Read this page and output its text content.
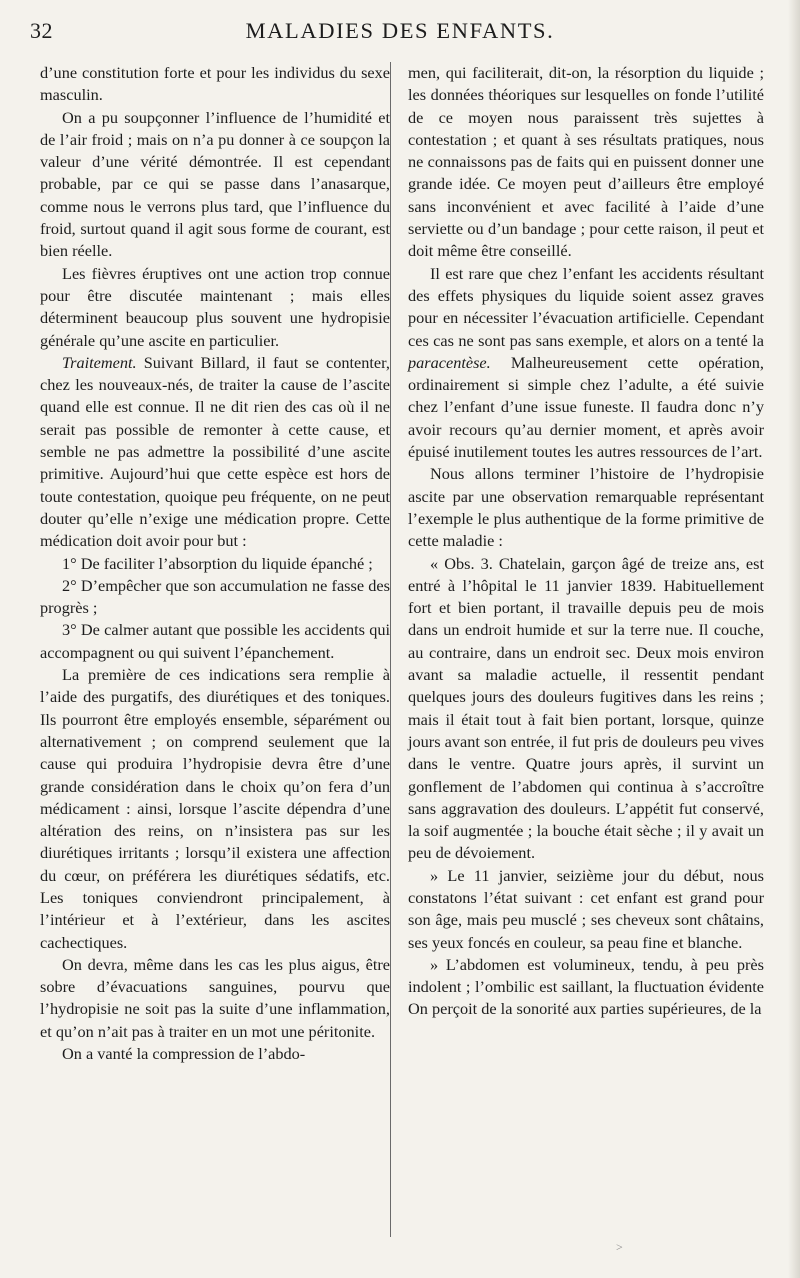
32	MALADIES DES ENFANTS.

d’une constitution forte et pour les individus du sexe masculin.

On a pu soupçonner l’influence de l’humidité et de l’air froid ; mais on n’a pu donner à ce soupçon la valeur d’une vérité démontrée. Il est cependant probable, par ce qui se passe dans l’anasarque, comme nous le verrons plus tard, que l’influence du froid, surtout quand il agit sous forme de courant, est bien réelle.

Les fièvres éruptives ont une action trop connue pour être discutée maintenant ; mais elles déterminent beaucoup plus souvent une hydropisie générale qu’une ascite en particulier.

Traitement. Suivant Billard, il faut se contenter, chez les nouveaux-nés, de traiter la cause de l’ascite quand elle est connue. Il ne dit rien des cas où il ne serait pas possible de remonter à cette cause, et semble ne pas admettre la possibilité d’une ascite primitive. Aujourd’hui que cette espèce est hors de toute contestation, quoique peu fréquente, on ne peut douter qu’elle n’exige une médication propre. Cette médication doit avoir pour but :

1° De faciliter l’absorption du liquide épanché ;

2° D’empêcher que son accumulation ne fasse des progrès ;

3° De calmer autant que possible les accidents qui accompagnent ou qui suivent l’épanchement.

La première de ces indications sera remplie à l’aide des purgatifs, des diurétiques et des toniques. Ils pourront être employés ensemble, séparément ou alternativement ; on comprend seulement que la cause qui produira l’hydropisie devra être d’une grande considération dans le choix qu’on fera d’un médicament : ainsi, lorsque l’ascite dépendra d’une altération des reins, on n’insistera pas sur les diurétiques irritants ; lorsqu’il existera une affection du cœur, on préférera les diurétiques sédatifs, etc. Les toniques conviendront principalement, à l’intérieur et à l’extérieur, dans les ascites cachectiques.

On devra, même dans les cas les plus aigus, être sobre d’évacuations sanguines, pourvu que l’hydropisie ne soit pas la suite d’une inflammation, et qu’on n’ait pas à traiter en un mot une péritonite.

On a vanté la compression de l’abdo-

men, qui faciliterait, dit-on, la résorption du liquide ; les données théoriques sur lesquelles on fonde l’utilité de ce moyen nous paraissent très sujettes à contestation ; et quant à ses résultats pratiques, nous ne connaissons pas de faits qui en puissent donner une grande idée. Ce moyen peut d’ailleurs être employé sans inconvénient et avec facilité à l’aide d’une serviette ou d’un bandage ; pour cette raison, il peut et doit même être conseillé.

Il est rare que chez l’enfant les accidents résultant des effets physiques du liquide soient assez graves pour en nécessiter l’évacuation artificielle. Cependant ces cas ne sont pas sans exemple, et alors on a tenté la paracentèse. Malheureusement cette opération, ordinairement si simple chez l’adulte, a été suivie chez l’enfant d’une issue funeste. Il faudra donc n’y avoir recours qu’au dernier moment, et après avoir épuisé inutilement toutes les autres ressources de l’art.

Nous allons terminer l’histoire de l’hydropisie ascite par une observation remarquable représentant l’exemple le plus authentique de la forme primitive de cette maladie :

« Obs. 3. Chatelain, garçon âgé de treize ans, est entré à l’hôpital le 11 janvier 1839. Habituellement fort et bien portant, il travaille depuis peu de mois dans un endroit humide et sur la terre nue. Il couche, au contraire, dans un endroit sec. Deux mois environ avant sa maladie actuelle, il ressentit pendant quelques jours des douleurs fugitives dans les reins ; mais il était tout à fait bien portant, lorsque, quinze jours avant son entrée, il fut pris de douleurs peu vives dans le ventre. Quatre jours après, il survint un gonflement de l’abdomen qui continua à s’accroître sans aggravation des douleurs. L’appétit fut conservé, la soif augmentée ; la bouche était sèche ; il y avait un peu de dévoiement.

» Le 11 janvier, seizième jour du début, nous constatons l’état suivant : cet enfant est grand pour son âge, mais peu musclé ; ses cheveux sont châtains, ses yeux foncés en couleur, sa peau fine et blanche.

» L’abdomen est volumineux, tendu, à peu près indolent ; l’ombilic est saillant, la fluctuation évidente On perçoit de la sonorité aux parties supérieures, de la

>
